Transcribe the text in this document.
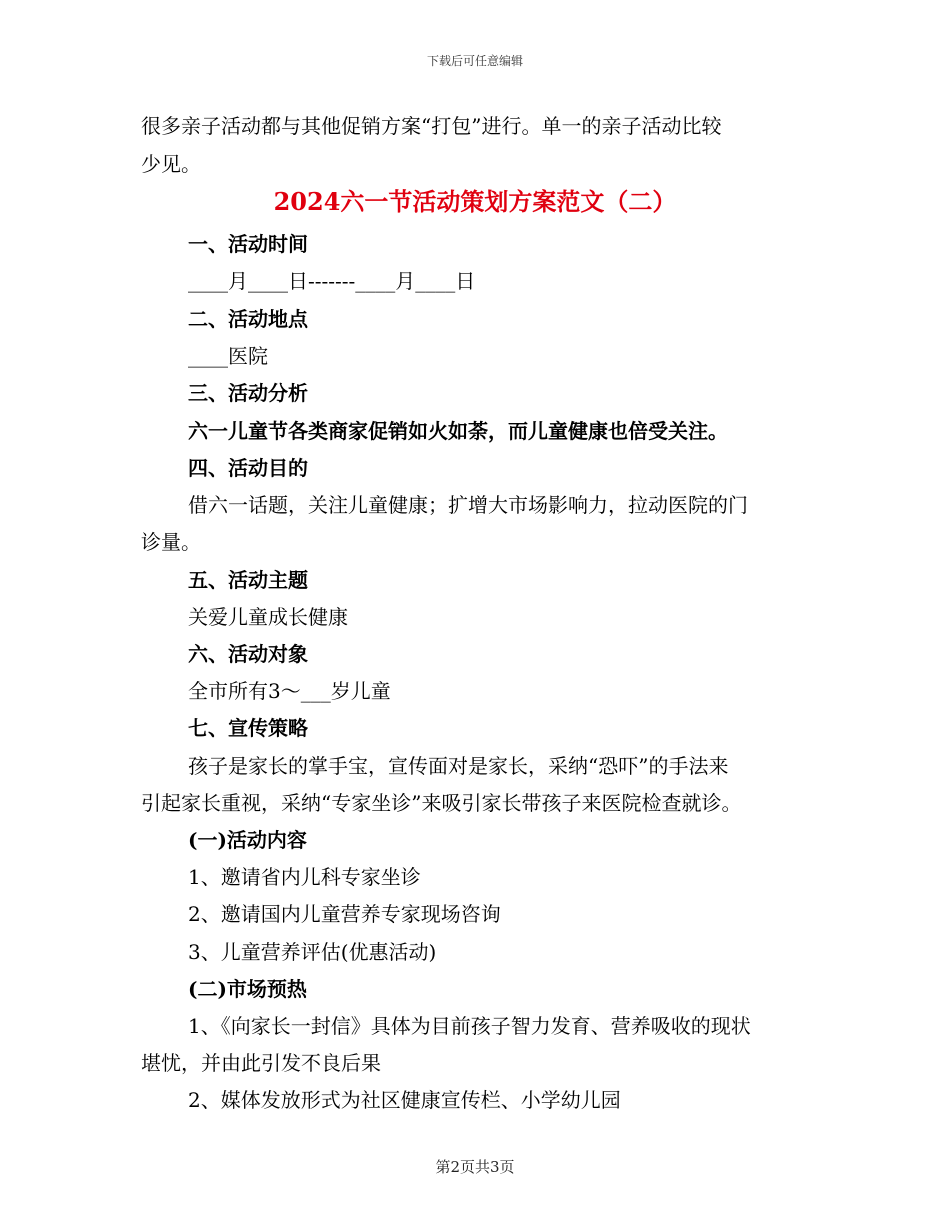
下载后可任意编辑
很多亲子活动都与其他促销方案“打包”进行。单一的亲子活动比较
少见。
2024六一节活动策划方案范文（二）
一、活动时间
____月____日-------____月____日
二、活动地点
____医院
三、活动分析
六一儿童节各类商家促销如火如荼，而儿童健康也倍受关注。
四、活动目的
借六一话题，关注儿童健康；扩增大市场影响力，拉动医院的门
诊量。
五、活动主题
关爱儿童成长健康
六、活动对象
全市所有3～___岁儿童
七、宣传策略
孩子是家长的掌手宝，宣传面对是家长，采纳“恐吓”的手法来
引起家长重视，采纳“专家坐诊”来吸引家长带孩子来医院检查就诊。
(一)活动内容
1、邀请省内儿科专家坐诊
2、邀请国内儿童营养专家现场咨询
3、儿童营养评估(优惠活动)
(二)市场预热
1、《向家长一封信》具体为目前孩子智力发育、营养吸收的现状
堪忧，并由此引发不良后果
2、媒体发放形式为社区健康宣传栏、小学幼儿园
第2页共3页
